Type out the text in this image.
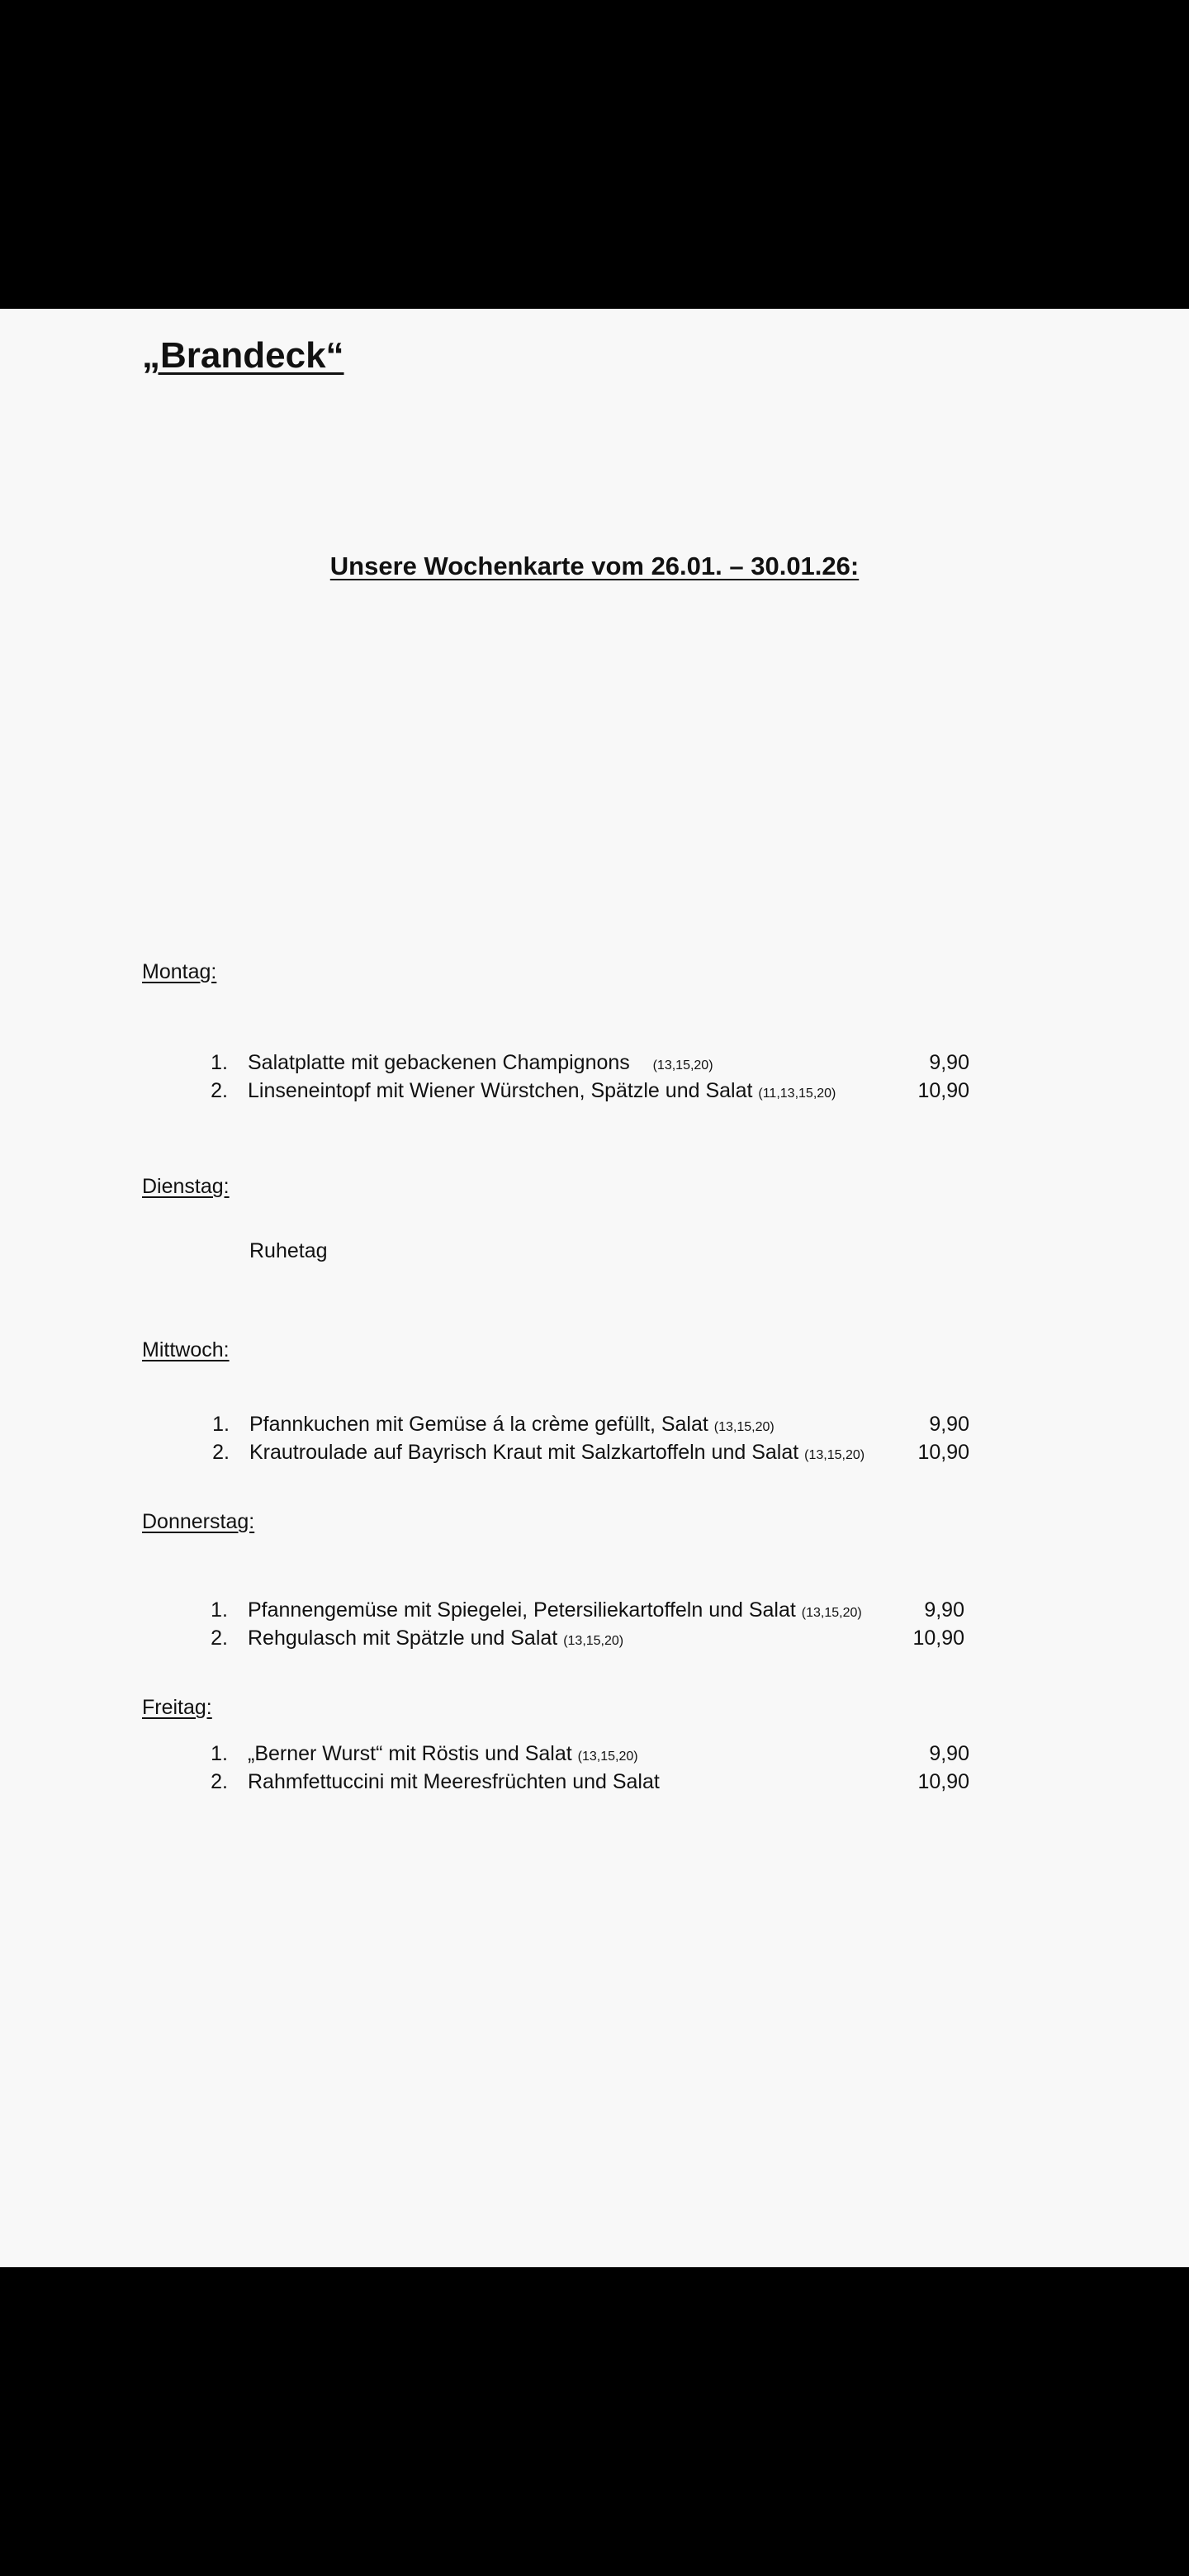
„Brandeck“
Unsere Wochenkarte vom 26.01. – 30.01.26:
Montag:
1. Salatplatte mit gebackenen Champignons (13,15,20)	9,90
2. Linseneintopf mit Wiener Würstchen, Spätzle und Salat (11,13,15,20)	10,90
Dienstag:
Ruhetag
Mittwoch:
1. Pfannkuchen mit Gemüse á la crème gefüllt, Salat (13,15,20)	9,90
2. Krautroulade auf Bayrisch Kraut mit Salzkartoffeln und Salat (13,15,20)	10,90
Donnerstag:
1. Pfannengemüse mit Spiegelei, Petersiliekartoffeln und Salat (13,15,20)	9,90
2. Rehgulasch mit Spätzle und Salat (13,15,20)	10,90
Freitag:
1. „Berner Wurst“ mit Röstis und Salat (13,15,20)	9,90
2. Rahmfettuccini mit Meeresfrüchten und Salat	10,90
